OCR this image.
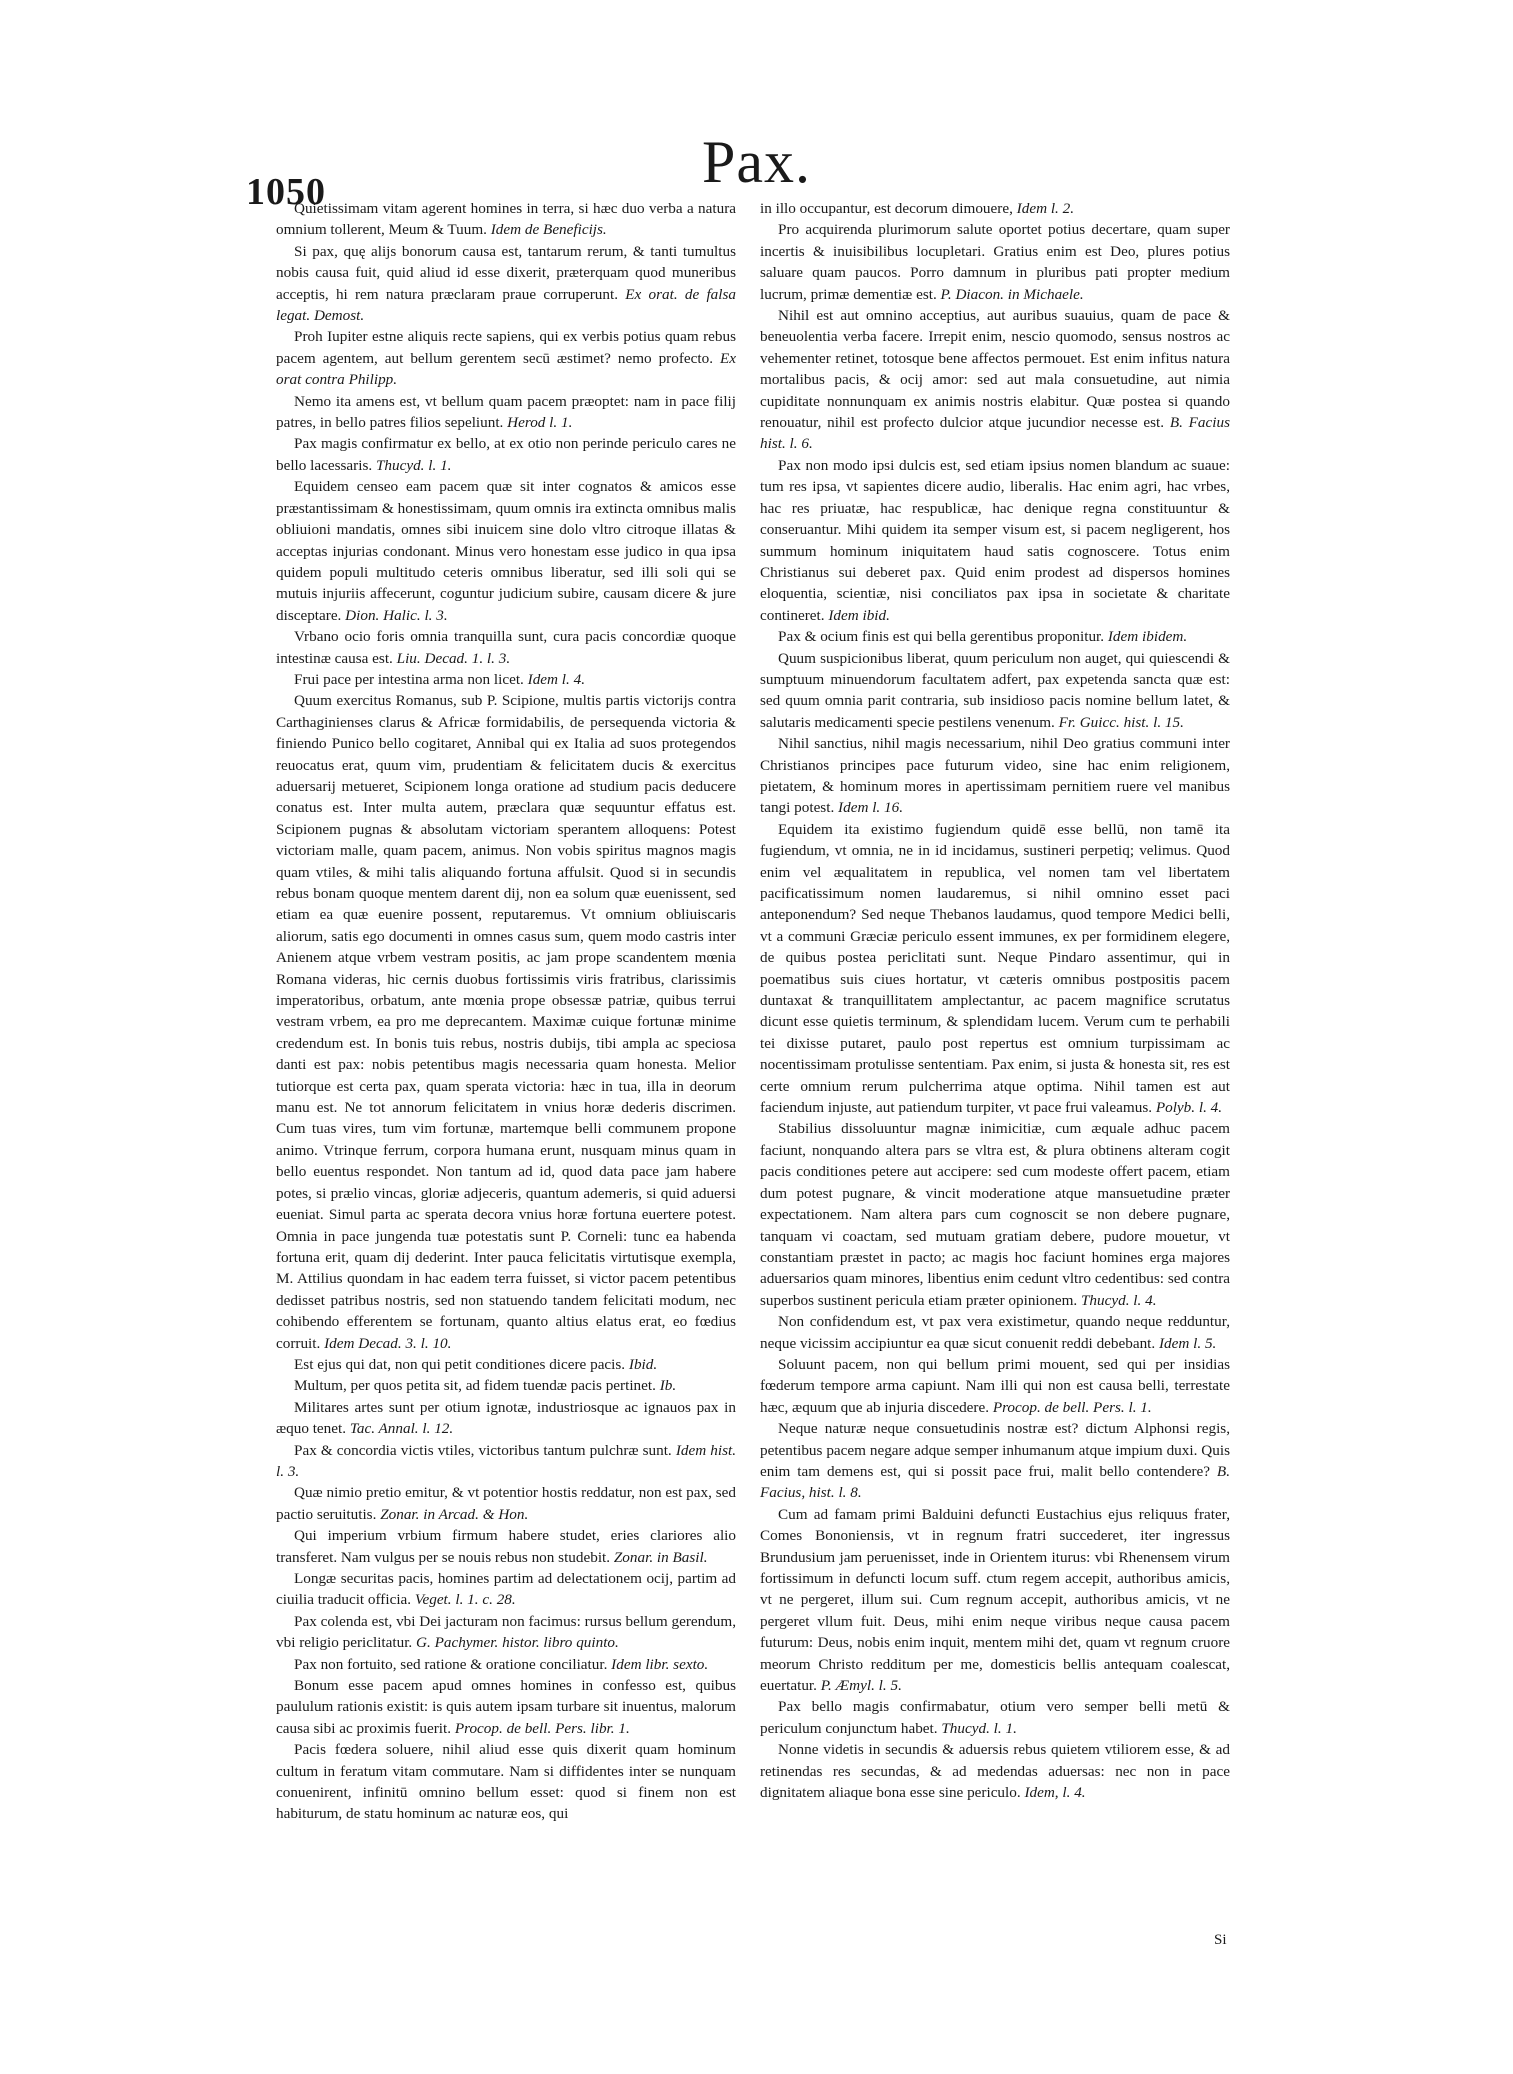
1050	Pax.

Quietissimam vitam agerent homines in terra, si hæc duo verba a natura omnium tollerent, Meum & Tuum. Idem de Beneficijs.

Si pax, quę alijs bonorum causa est, tantarum rerum, & tanti tumultus nobis causa fuit, quid aliud id esse dixerit, præterquam quod muneribus acceptis, hi rem natura præclaram praue corruperunt. Ex orat. de falsa legat. Demost.

Proh Iupiter estne aliquis recte sapiens, qui ex verbis potius quam rebus pacem agentem, aut bellum gerentem secū æstimet? nemo profecto. Ex orat contra Philipp.

Nemo ita amens est, vt bellum quam pacem præoptet: nam in pace filij patres, in bello patres filios sepeliunt. Herod l. 1.

Pax magis confirmatur ex bello, at ex otio non perinde periculo cares ne bello lacessaris. Thucyd. l. 1.

Equidem censeo eam pacem quæ sit inter cognatos & amicos esse præstantissimam & honestissimam, quum omnis ira extincta omnibus malis obliuioni mandatis, omnes sibi inuicem sine dolo vltro citroque illatas & acceptas injurias condonant. Minus vero honestam esse judico in qua ipsa quidem populi multitudo ceteris omnibus liberatur, sed illi soli qui se mutuis injuriis affecerunt, coguntur judicium subire, causam dicere & jure disceptare. Dion. Halic. l. 3.

Vrbano ocio foris omnia tranquilla sunt, cura pacis concordiæ quoque intestinæ causa est. Liu. Decad. 1. l. 3.

Frui pace per intestina arma non licet. Idem l. 4.

Quum exercitus Romanus, sub P. Scipione, multis partis victorijs contra Carthaginienses clarus & Africæ formidabilis, de persequenda victoria & finiendo Punico bello cogitaret, Annibal qui ex Italia ad suos protegendos reuocatus erat, quum vim, prudentiam & felicitatem ducis & exercitus aduersarij metueret, Scipionem longa oratione ad studium pacis deducere conatus est. Inter multa autem, præclara quæ sequuntur effatus est. Scipionem pugnas & absolutam victoriam sperantem alloquens: Potest victoriam malle, quam pacem, animus. Non vobis spiritus magnos magis quam vtiles, & mihi talis aliquando fortuna affulsit. Quod si in secundis rebus bonam quoque mentem darent dij, non ea solum quæ euenissent, sed etiam ea quæ euenire possent, reputaremus. Vt omnium obliuiscaris aliorum, satis ego documenti in omnes casus sum, quem modo castris inter Anienem atque vrbem vestram positis, ac jam prope scandentem mœnia Romana videras, hic cernis duobus fortissimis viris fratribus, clarissimis imperatoribus, orbatum, ante mœnia prope obsessæ patriæ, quibus terrui vestram vrbem, ea pro me deprecantem. Maximæ cuique fortunæ minime credendum est. In bonis tuis rebus, nostris dubijs, tibi ampla ac speciosa danti est pax: nobis petentibus magis necessaria quam honesta. Melior tutiorque est certa pax, quam sperata victoria: hæc in tua, illa in deorum manu est. Ne tot annorum felicitatem in vnius horæ dederis discrimen. Cum tuas vires, tum vim fortunæ, martemque belli communem propone animo. Vtrinque ferrum, corpora humana erunt, nusquam minus quam in bello euentus respondet. Non tantum ad id, quod data pace jam habere potes, si prælio vincas, gloriæ adjeceris, quantum ademeris, si quid aduersi eueniat. Simul parta ac sperata decora vnius horæ fortuna euertere potest. Omnia in pace jungenda tuæ potestatis sunt P. Corneli: tunc ea habenda fortuna erit, quam dij dederint. Inter pauca felicitatis virtutisque exempla, M. Attilius quondam in hac eadem terra fuisset, si victor pacem petentibus dedisset patribus nostris, sed non statuendo tandem felicitati modum, nec cohibendo efferentem se fortunam, quanto altius elatus erat, eo fœdius corruit. Idem Decad. 3. l. 10.

Est ejus qui dat, non qui petit conditiones dicere pacis. Ibid.

Multum, per quos petita sit, ad fidem tuendæ pacis pertinet. Ib.

Militares artes sunt per otium ignotæ, industriosque ac ignauos pax in æquo tenet. Tac. Annal. l. 12.

Pax & concordia victis vtiles, victoribus tantum pulchræ sunt. Idem hist. l. 3.

Quæ nimio pretio emitur, & vt potentior hostis reddatur, non est pax, sed pactio seruitutis. Zonar. in Arcad. & Hon.

Qui imperium vrbium firmum habere studet, eries clariores alio transferet. Nam vulgus per se nouis rebus non studebit. Zonar. in Basil.

Longæ securitas pacis, homines partim ad delectationem ocij, partim ad ciuilia traducit officia. Veget. l. 1. c. 28.

Pax colenda est, vbi Dei jacturam non facimus: rursus bellum gerendum, vbi religio periclitatur. G. Pachymer. histor. libro quinto.

Pax non fortuito, sed ratione & oratione conciliatur. Idem libr. sexto.

Bonum esse pacem apud omnes homines in confesso est, quibus paululum rationis existit: is quis autem ipsam turbare sit inuentus, malorum causa sibi ac proximis fuerit. Procop. de bell. Pers. libr. 1.

Pacis fœdera soluere, nihil aliud esse quis dixerit quam hominum cultum in feratum vitam commutare. Nam si diffidentes inter se nunquam conuenirent, infinitū omnino bellum esset: quod si finem non est habiturum, de statu hominum ac naturæ eos, qui

in illo occupantur, est decorum dimouere, Idem l. 2.

Pro acquirenda plurimorum salute oportet potius decertare, quam super incertis & inuisibilibus locupletari. Gratius enim est Deo, plures potius saluare quam paucos. Porro damnum in pluribus pati propter medium lucrum, primæ dementiæ est. P. Diacon. in Michaele.

Nihil est aut omnino acceptius, aut auribus suauius, quam de pace & beneuolentia verba facere. Irrepit enim, nescio quomodo, sensus nostros ac vehementer retinet, totosque bene affectos permouet. Est enim infitus natura mortalibus pacis, & ocij amor: sed aut mala consuetudine, aut nimia cupiditate nonnunquam ex animis nostris elabitur. Quæ postea si quando renouatur, nihil est profecto dulcior atque jucundior necesse est. B. Facius hist. l. 6.

Pax non modo ipsi dulcis est, sed etiam ipsius nomen blandum ac suaue: tum res ipsa, vt sapientes dicere audio, liberalis. Hac enim agri, hac vrbes, hac res priuatæ, hac respublicæ, hac denique regna constituuntur & conseruantur. Mihi quidem ita semper visum est, si pacem negligerent, hos summum hominum iniquitatem haud satis cognoscere. Totus enim Christianus sui deberet pax. Quid enim prodest ad dispersos homines eloquentia, scientiæ, nisi conciliatos pax ipsa in societate & charitate contineret. Idem ibid.

Pax & ocium finis est qui bella gerentibus proponitur. Idem ibidem.

Quum suspicionibus liberat, quum periculum non auget, qui quiescendi & sumptuum minuendorum facultatem adfert, pax expetenda sancta quæ est: sed quum omnia parit contraria, sub insidioso pacis nomine bellum latet, & salutaris medicamenti specie pestilens venenum. Fr. Guicc. hist. l. 15.

Nihil sanctius, nihil magis necessarium, nihil Deo gratius communi inter Christianos principes pace futurum video, sine hac enim religionem, pietatem, & hominum mores in apertissimam pernitiem ruere vel manibus tangi potest. Idem l. 16.

Equidem ita existimo fugiendum quidē esse bellū, non tamē ita fugiendum, vt omnia, ne in id incidamus, sustineri perpetiq; velimus. Quod enim vel æqualitatem in republica, vel nomen tam vel libertatem pacificatissimum nomen laudaremus, si nihil omnino esset paci anteponendum? Sed neque Thebanos laudamus, quod tempore Medici belli, vt a communi Græciæ periculo essent immunes, ex per formidinem elegere, de quibus postea periclitati sunt. Neque Pindaro assentimur, qui in poematibus suis ciues hortatur, vt cæteris omnibus postpositis pacem duntaxat & tranquillitatem amplectantur, ac pacem magnifice scrutatus dicunt esse quietis terminum, & splendidam lucem. Verum cum te perhabili tei dixisse putaret, paulo post repertus est omnium turpissimam ac nocentissimam protulisse sententiam. Pax enim, si justa & honesta sit, res est certe omnium rerum pulcherrima atque optima. Nihil tamen est aut faciendum injuste, aut patiendum turpiter, vt pace frui valeamus. Polyb. l. 4.

Stabilius dissoluuntur magnæ inimicitiæ, cum æquale adhuc pacem faciunt, nonquando altera pars se vltra est, & plura obtinens alteram cogit pacis conditiones petere aut accipere: sed cum modeste offert pacem, etiam dum potest pugnare, & vincit moderatione atque mansuetudine præter expectationem. Nam altera pars cum cognoscit se non debere pugnare, tanquam vi coactam, sed mutuam gratiam debere, pudore mouetur, vt constantiam præstet in pacto; ac magis hoc faciunt homines erga majores aduersarios quam minores, libentius enim cedunt vltro cedentibus: sed contra superbos sustinent pericula etiam præter opinionem. Thucyd. l. 4.

Non confidendum est, vt pax vera existimetur, quando neque redduntur, neque vicissim accipiuntur ea quæ sicut conuenit reddi debebant. Idem l. 5.

Soluunt pacem, non qui bellum primi mouent, sed qui per insidias fœderum tempore arma capiunt. Nam illi qui non est causa belli, terrestate hæc, æquum que ab injuria discedere. Procop. de bell. Pers. l. 1.

Neque naturæ neque consuetudinis nostræ est? dictum Alphonsi regis, petentibus pacem negare adque semper inhumanum atque impium duxi. Quis enim tam demens est, qui si possit pace frui, malit bello contendere? B. Facius, hist. l. 8.

Cum ad famam primi Balduini defuncti Eustachius ejus reliquus frater, Comes Bononiensis, vt in regnum fratri succederet, iter ingressus Brundusium jam peruenisset, inde in Orientem iturus: vbi Rhenensem virum fortissimum in defuncti locum suff. ctum regem accepit, authoribus amicis, vt ne pergeret, illum sui. Cum regnum accepit, authoribus amicis, vt ne pergeret vllum fuit. Deus, mihi enim neque viribus neque causa pacem futurum: Deus, nobis enim inquit, mentem mihi det, quam vt regnum cruore meorum Christo redditum per me, domesticis bellis antequam coalescat, euertatur. P. Æmyl. l. 5.

Pax bello magis confirmabatur, otium vero semper belli metū & periculum conjunctum habet. Thucyd. l. 1.

Nonne videtis in secundis & aduersis rebus quietem vtiliorem esse, & ad retinendas res secundas, & ad medendas aduersas: nec non in pace dignitatem aliaque bona esse sine periculo. Idem, l. 4.

Si
